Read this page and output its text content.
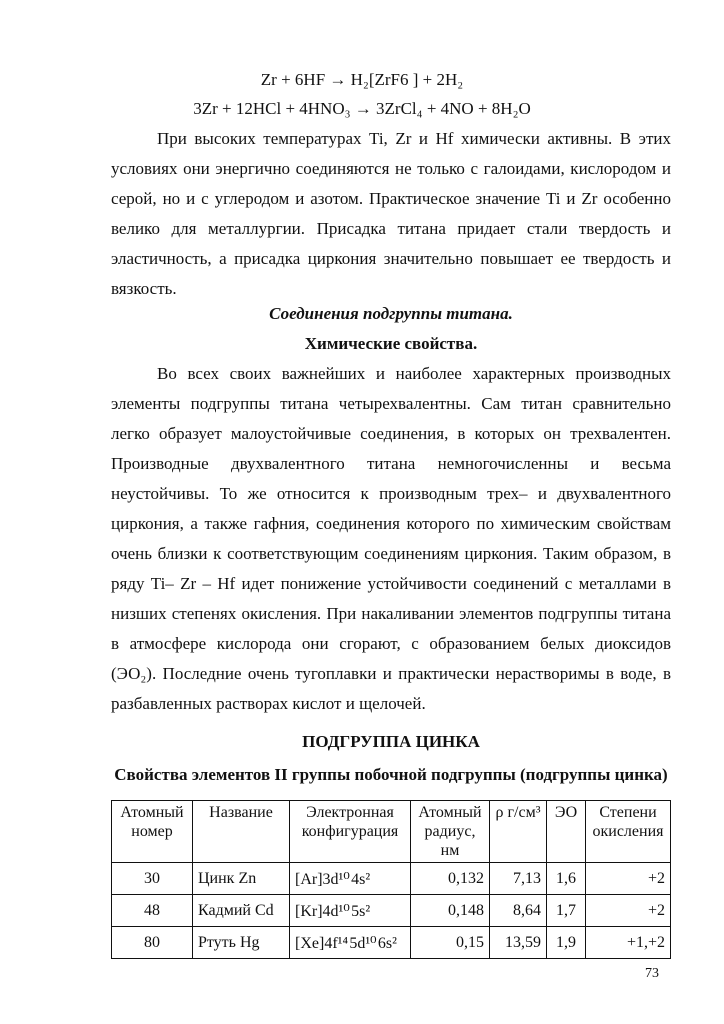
Zr + 6HF → H₂[ZrF6 ] + 2H₂
3Zr + 12HCl + 4HNO₃ → 3ZrCl₄ + 4NO + 8H₂O

При высоких температурах Ti, Zr и Hf химически активны. В этих
условиях они энергично соединяются не только с галоидами, кислородом и
серой, но и с углеродом и азотом. Практическое значение Ti и Zr особенно
велико для металлургии. Присадка титана придает стали твердость и
эластичность, а присадка циркония значительно повышает ее твердость и
вязкость.

Соединения подгруппы титана.
Химические свойства.

Во всех своих важнейших и наиболее характерных производных
элементы подгруппы титана четырехвалентны. Сам титан сравнительно
легко образует малоустойчивые соединения, в которых он трехвалентен.
Производные двухвалентного титана немногочисленны и весьма
неустойчивы. То же относится к производным трех– и двухвалентного
циркония, а также гафния, соединения которого по химическим свойствам
очень близки к соответствующим соединениям циркония. Таким образом, в
ряду Ti– Zr – Hf идет понижение устойчивости соединений с металлами в
низших степенях окисления. При накаливании элементов подгруппы титана
в атмосфере кислорода они сгорают, с образованием белых диоксидов
(ЭО₂). Последние очень тугоплавки и практически нерастворимы в воде, в
разбавленных растворах кислот и щелочей.

ПОДГРУППА ЦИНКА
Свойства элементов II группы побочной подгруппы (подгруппы цинка)
Атомный номер	Название	Электронная конфигурация	Атомный радиус, нм	ρ г/см³	ЭО	Степени окисления
30	Цинк Zn	[Ar]3d¹⁰ 4s²	0,132	7,13	1,6	+2
48	Кадмий Cd	[Kr]4d¹⁰ 5s²	0,148	8,64	1,7	+2
80	Ртуть Hg	[Xe]4f¹⁴ 5d¹⁰ 6s²	0,15	13,59	1,9	+1,+2
73
